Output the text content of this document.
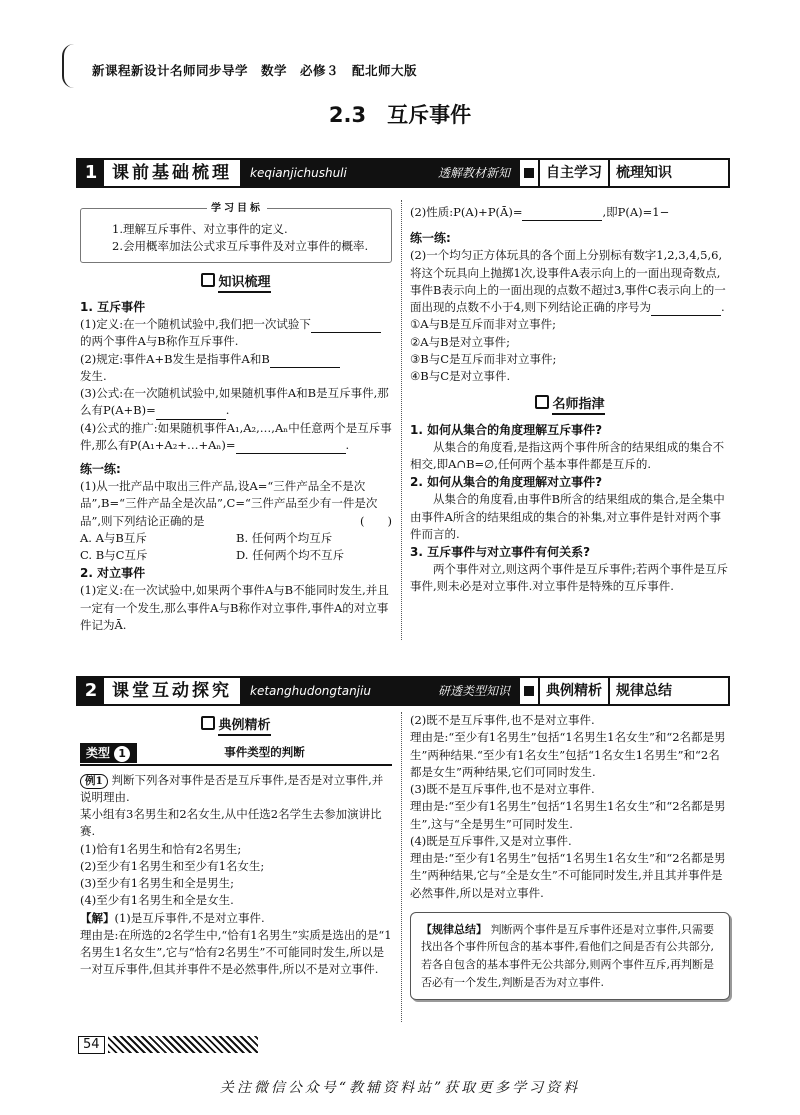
新课程新设计名师同步导学　数学　必修３　配北师大版
2.3　互斥事件
1 课前基础梳理	keqianjichushuli	透解教材新知	自主学习	梳理知识
学习目标

1.理解互斥事件、对立事件的定义.

2.会用概率加法公式求互斥事件及对立事件的概率.

知识梳理

1. 互斥事件

(1)定义:在一个随机试验中,我们把一次试验下

的两个事件A与B称作互斥事件.

(2)规定:事件A+B发生是指事件A和B

发生.

(3)公式:在一次随机试验中,如果随机事件A和B是互斥事件,那么有P(A+B)=	.

(4)公式的推广:如果随机事件A₁,A₂,…,Aₙ中任意两个是互斥事件,那么有P(A₁+A₂+…+Aₙ)=	.

练一练:

(1)从一批产品中取出三件产品,设A=“三件产品全不是次品”,B=“三件产品全是次品”,C=“三件产品至少有一件是次品”,则下列结论正确的是	(　　)

A. A与B互斥	B. 任何两个均互斥
C. B与C互斥	D. 任何两个均不互斥

2. 对立事件

(1)定义:在一次试验中,如果两个事件A与B不能同时发生,并且一定有一个发生,那么事件A与B称作对立事件,事件A的对立事件记为Ā.

(2)性质:P(A)+P(Ā)=	,即P(A)=1−

练一练:

(2)一个均匀正方体玩具的各个面上分别标有数字1,2,3,4,5,6,将这个玩具向上抛掷1次,设事件A表示向上的一面出现奇数点,事件B表示向上的一面出现的点数不超过3,事件C表示向上的一面出现的点数不小于4,则下列结论正确的序号为	.

①A与B是互斥而非对立事件;

②A与B是对立事件;

③B与C是互斥而非对立事件;

④B与C是对立事件.

名师指津

1. 如何从集合的角度理解互斥事件?

从集合的角度看,是指这两个事件所含的结果组成的集合不相交,即A∩B=∅,任何两个基本事件都是互斥的.

2. 如何从集合的角度理解对立事件?

从集合的角度看,由事件B所含的结果组成的集合,是全集中由事件A所含的结果组成的集合的补集,对立事件是针对两个事件而言的.

3. 互斥事件与对立事件有何关系?

两个事件对立,则这两个事件是互斥事件;若两个事件是互斥事件,则未必是对立事件.对立事件是特殊的互斥事件.

2 课堂互动探究	ketanghudongtanjiu	研透类型知识	典例精析	规律总结
典例精析
类型 1	事件类型的判断

例1 判断下列各对事件是否是互斥事件,是否是对立事件,并说明理由.

某小组有3名男生和2名女生,从中任选2名学生去参加演讲比赛.

(1)恰有1名男生和恰有2名男生;

(2)至少有1名男生和至少有1名女生;

(3)至少有1名男生和全是男生;

(4)至少有1名男生和全是女生.

【解】(1)是互斥事件,不是对立事件.

理由是:在所选的2名学生中,“恰有1名男生”实质是选出的是“1名男生1名女生”,它与“恰有2名男生”不可能同时发生,所以是一对互斥事件,但其并事件不是必然事件,所以不是对立事件.

(2)既不是互斥事件,也不是对立事件.

理由是:“至少有1名男生”包括“1名男生1名女生”和“2名都是男生”两种结果.“至少有1名女生”包括“1名女生1名男生”和“2名都是女生”两种结果,它们可同时发生.

(3)既不是互斥事件,也不是对立事件.

理由是:“至少有1名男生”包括“1名男生1名女生”和“2名都是男生”,这与“全是男生”可同时发生.

(4)既是互斥事件,又是对立事件.

理由是:“至少有1名男生”包括“1名男生1名女生”和“2名都是男生”两种结果,它与“全是女生”不可能同时发生,并且其并事件是必然事件,所以是对立事件.

【规律总结】 判断两个事件是互斥事件还是对立事件,只需要找出各个事件所包含的基本事件,看他们之间是否有公共部分,若各自包含的基本事件无公共部分,则两个事件互斥,再判断是否必有一个发生,判断是否为对立事件.
54
关注微信公众号“教辅资料站”获取更多学习资料
